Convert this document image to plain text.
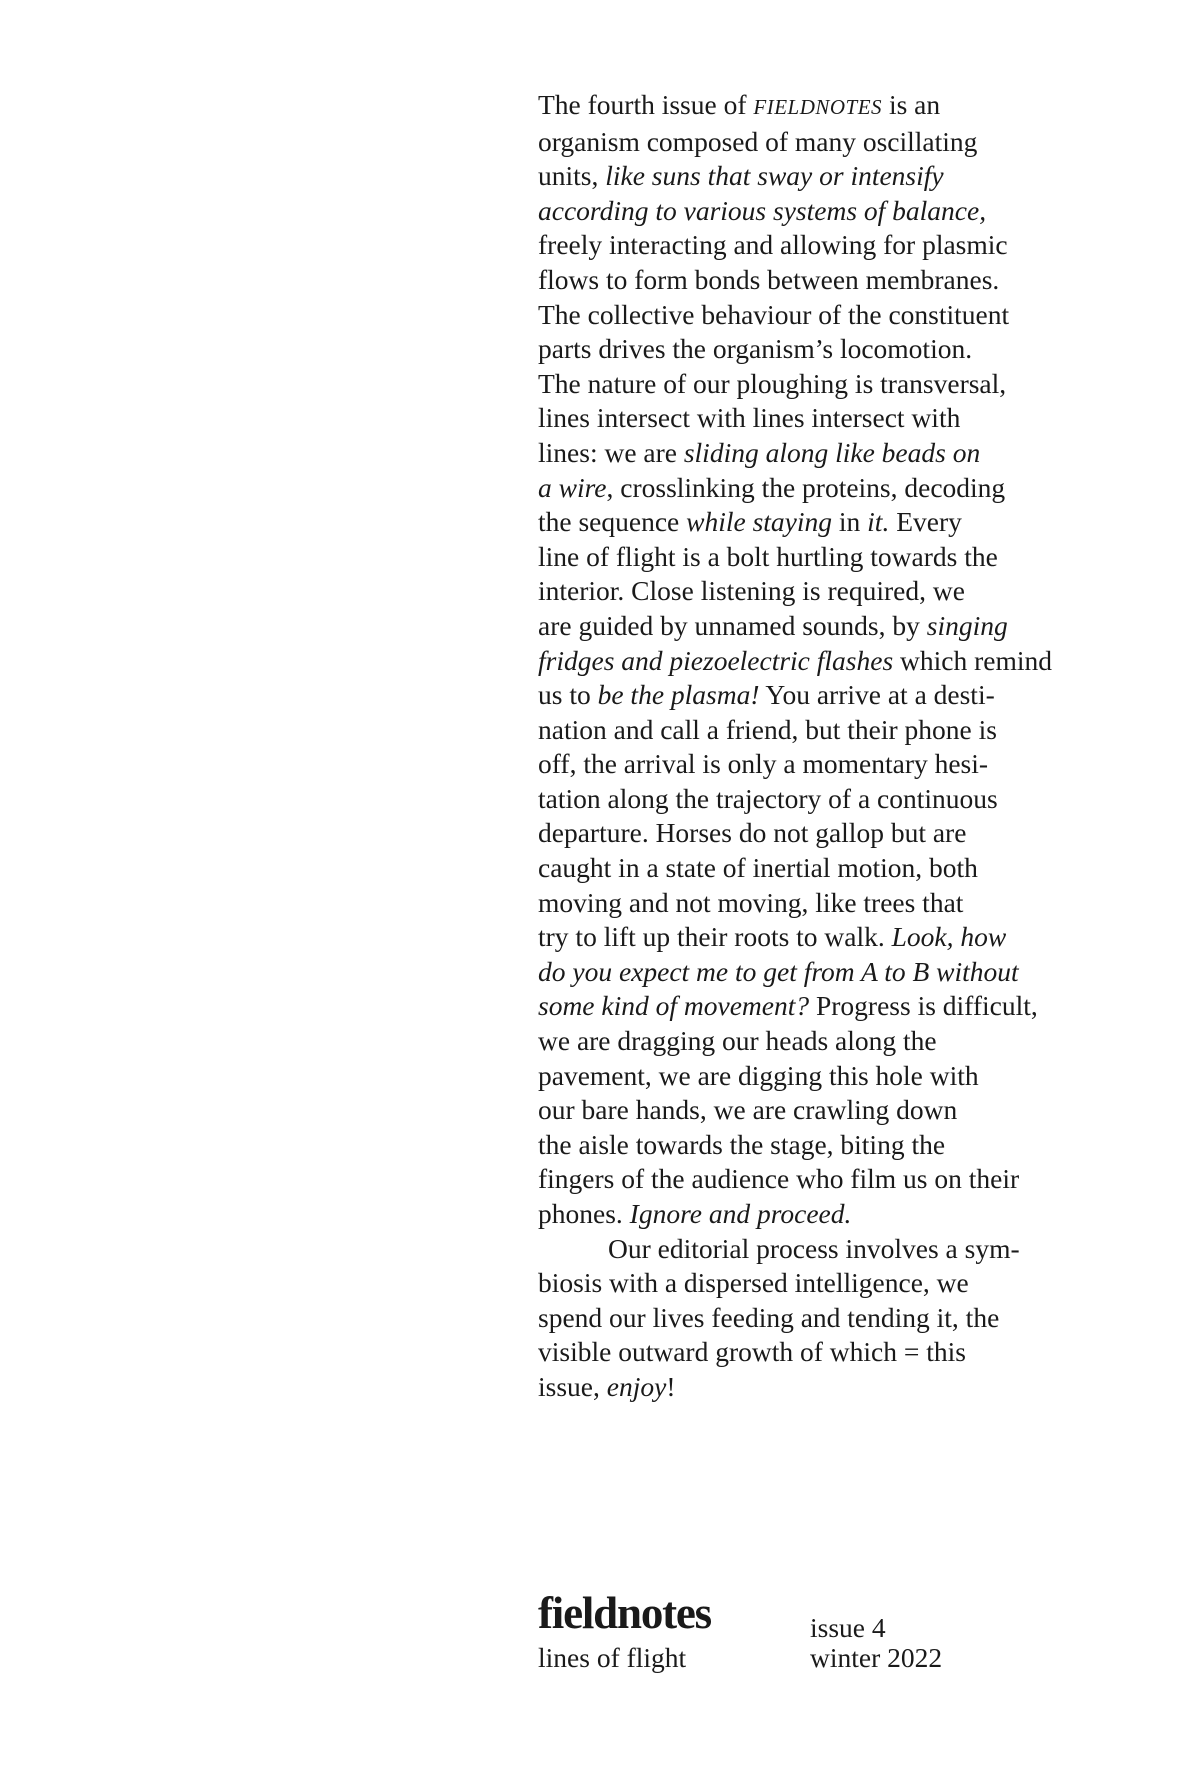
The fourth issue of FIELDNOTES is an
organism composed of many oscillating
units, like suns that sway or intensify
according to various systems of balance,
freely interacting and allowing for plasmic
flows to form bonds between membranes.
The collective behaviour of the constituent
parts drives the organism’s locomotion.
The nature of our ploughing is transversal,
lines intersect with lines intersect with
lines: we are sliding along like beads on
a wire, crosslinking the proteins, decoding
the sequence while staying in it. Every
line of flight is a bolt hurtling towards the
interior. Close listening is required, we
are guided by unnamed sounds, by singing
fridges and piezoelectric flashes which remind
us to be the plasma! You arrive at a desti-
nation and call a friend, but their phone is
off, the arrival is only a momentary hesi-
tation along the trajectory of a continuous
departure. Horses do not gallop but are
caught in a state of inertial motion, both
moving and not moving, like trees that
try to lift up their roots to walk. Look, how
do you expect me to get from A to B without
some kind of movement? Progress is difficult,
we are dragging our heads along the
pavement, we are digging this hole with
our bare hands, we are crawling down
the aisle towards the stage, biting the
fingers of the audience who film us on their
phones. Ignore and proceed.
Our editorial process involves a sym-
biosis with a dispersed intelligence, we
spend our lives feeding and tending it, the
visible outward growth of which = this
issue, enjoy!
fieldnotes
lines of flight
issue 4
winter 2022
